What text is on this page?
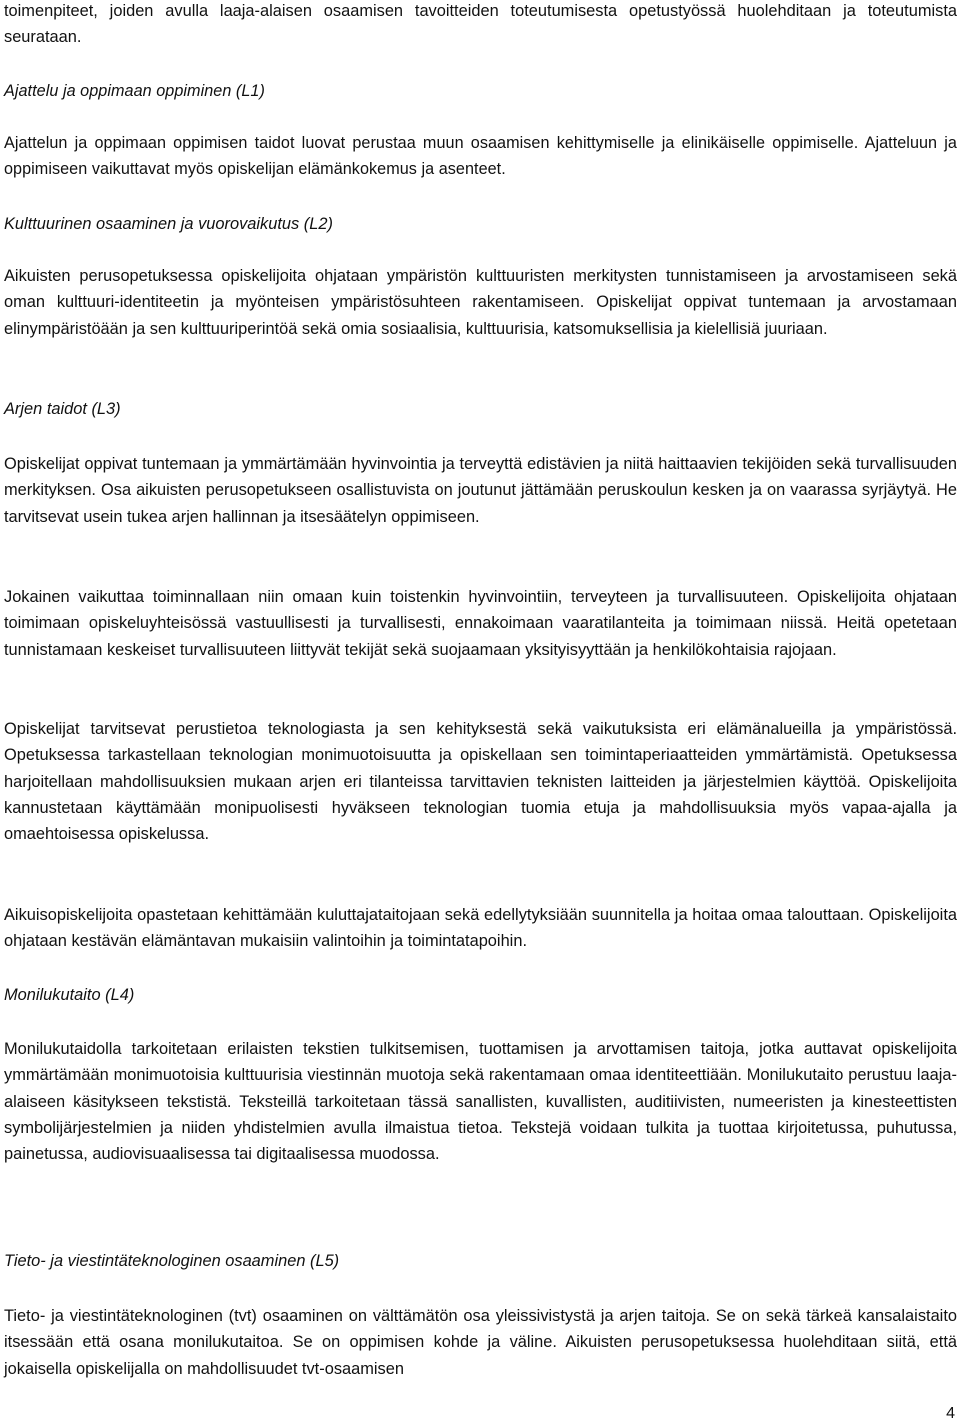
toimenpiteet, joiden avulla laaja-alaisen osaamisen tavoitteiden toteutumisesta opetustyössä huolehditaan ja toteutumista seurataan.

Ajattelu ja oppimaan oppiminen (L1)

Ajattelun ja oppimaan oppimisen taidot luovat perustaa muun osaamisen kehittymiselle ja elinikäiselle oppimiselle. Ajatteluun ja oppimiseen vaikuttavat myös opiskelijan elämänkokemus ja asenteet.

Kulttuurinen osaaminen ja vuorovaikutus (L2)

Aikuisten perusopetuksessa opiskelijoita ohjataan ympäristön kulttuuristen merkitysten tunnistamiseen ja arvostamiseen sekä oman kulttuuri-identiteetin ja myönteisen ympäristösuhteen rakentamiseen. Opiskelijat oppivat tuntemaan ja arvostamaan elinympäristöään ja sen kulttuuriperintöä sekä omia sosiaalisia, kulttuurisia, katsomuksellisia ja kielellisiä juuriaan.

Arjen taidot (L3)

Opiskelijat oppivat tuntemaan ja ymmärtämään hyvinvointia ja terveyttä edistävien ja niitä haittaavien tekijöiden sekä turvallisuuden merkityksen. Osa aikuisten perusopetukseen osallistuvista on joutunut jättämään peruskoulun kesken ja on vaarassa syrjäytyä. He tarvitsevat usein tukea arjen hallinnan ja itsesäätelyn oppimiseen.

Jokainen vaikuttaa toiminnallaan niin omaan kuin toistenkin hyvinvointiin, terveyteen ja turvallisuuteen. Opiskelijoita ohjataan toimimaan opiskeluyhteisössä vastuullisesti ja turvallisesti, ennakoimaan vaaratilanteita ja toimimaan niissä. Heitä opetetaan tunnistamaan keskeiset turvallisuuteen liittyvät tekijät sekä suojaamaan yksityisyyttään ja henkilökohtaisia rajojaan.

Opiskelijat tarvitsevat perustietoa teknologiasta ja sen kehityksestä sekä vaikutuksista eri elämänalueilla ja ympäristössä. Opetuksessa tarkastellaan teknologian monimuotoisuutta ja opiskellaan sen toimintaperiaatteiden ymmärtämistä. Opetuksessa harjoitellaan mahdollisuuksien mukaan arjen eri tilanteissa tarvittavien teknisten laitteiden ja järjestelmien käyttöä. Opiskelijoita kannustetaan käyttämään monipuolisesti hyväkseen teknologian tuomia etuja ja mahdollisuuksia myös vapaa-ajalla ja omaehtoisessa opiskelussa.

Aikuisopiskelijoita opastetaan kehittämään kuluttajataitojaan sekä edellytyksiään suunnitella ja hoitaa omaa talouttaan. Opiskelijoita ohjataan kestävän elämäntavan mukaisiin valintoihin ja toimintatapoihin.

Monilukutaito (L4)

Monilukutaidolla tarkoitetaan erilaisten tekstien tulkitsemisen, tuottamisen ja arvottamisen taitoja, jotka auttavat opiskelijoita ymmärtämään monimuotoisia kulttuurisia viestinnän muotoja sekä rakentamaan omaa identiteettiään. Monilukutaito perustuu laaja-alaiseen käsitykseen tekstistä. Teksteillä tarkoitetaan tässä sanallisten, kuvallisten, auditiivisten, numeeristen ja kinesteettisten symbolijärjestelmien ja niiden yhdistelmien avulla ilmaistua tietoa. Tekstejä voidaan tulkita ja tuottaa kirjoitetussa, puhutussa, painetussa, audiovisuaalisessa tai digitaalisessa muodossa.

Tieto- ja viestintäteknologinen osaaminen (L5)

Tieto- ja viestintäteknologinen (tvt) osaaminen on välttämätön osa yleissivistystä ja arjen taitoja. Se on sekä tärkeä kansalaistaito itsessään että osana monilukutaitoa. Se on oppimisen kohde ja väline. Aikuisten perusopetuksessa huolehditaan siitä, että jokaisella opiskelijalla on mahdollisuudet tvt-osaamisen

4
